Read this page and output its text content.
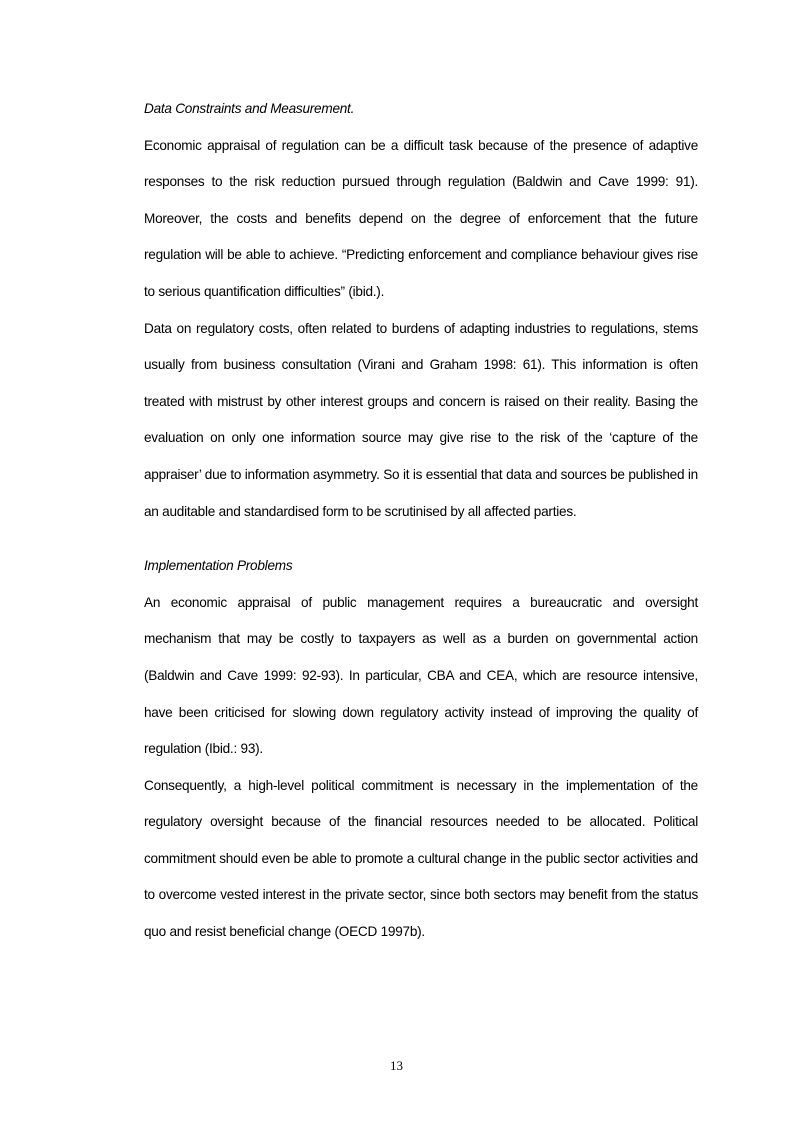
Data Constraints and Measurement.

Economic appraisal of regulation can be a difficult task because of the presence of adaptive responses to the risk reduction pursued through regulation (Baldwin and Cave 1999: 91). Moreover, the costs and benefits depend on the degree of enforcement that the future regulation will be able to achieve. “Predicting enforcement and compliance behaviour gives rise to serious quantification difficulties” (ibid.).

Data on regulatory costs, often related to burdens of adapting industries to regulations, stems usually from business consultation (Virani and Graham 1998: 61). This information is often treated with mistrust by other interest groups and concern is raised on their reality. Basing the evaluation on only one information source may give rise to the risk of the ‘capture of the appraiser’ due to information asymmetry. So it is essential that data and sources be published in an auditable and standardised form to be scrutinised by all affected parties.

Implementation Problems

An economic appraisal of public management requires a bureaucratic and oversight mechanism that may be costly to taxpayers as well as a burden on governmental action (Baldwin and Cave 1999: 92-93). In particular, CBA and CEA, which are resource intensive, have been criticised for slowing down regulatory activity instead of improving the quality of regulation (Ibid.: 93).

Consequently, a high-level political commitment is necessary in the implementation of the regulatory oversight because of the financial resources needed to be allocated. Political commitment should even be able to promote a cultural change in the public sector activities and to overcome vested interest in the private sector, since both sectors may benefit from the status quo and resist beneficial change (OECD 1997b).

13
